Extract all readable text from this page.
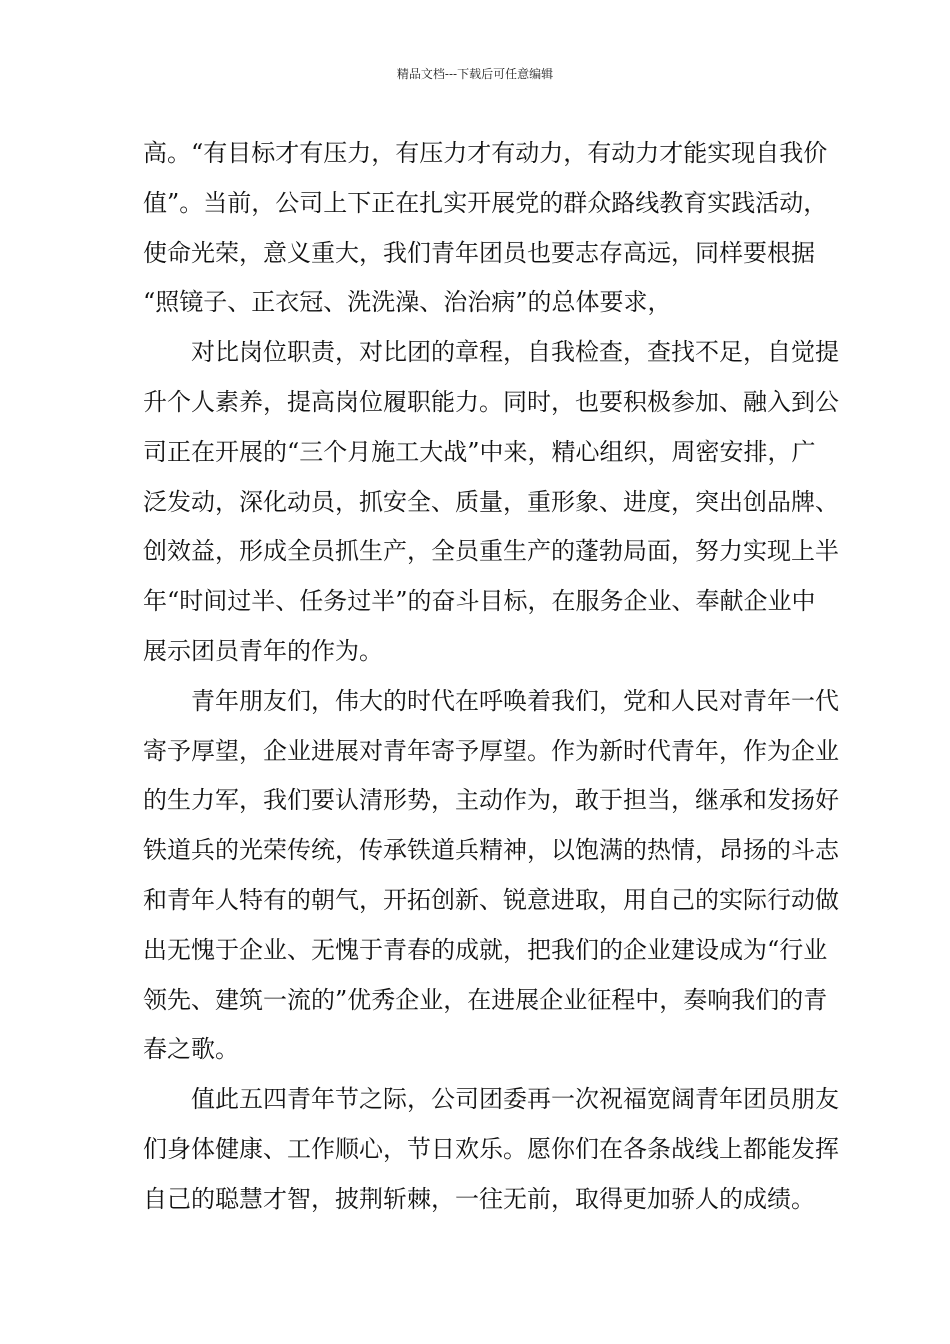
精品文档---下载后可任意编辑
高。“有目标才有压力，有压力才有动力，有动力才能实现自我价
值”。当前，公司上下正在扎实开展党的群众路线教育实践活动，
使命光荣，意义重大，我们青年团员也要志存高远，同样要根据
“照镜子、正衣冠、洗洗澡、治治病”的总体要求，
对比岗位职责，对比团的章程，自我检查，查找不足，自觉提
升个人素养，提高岗位履职能力。同时，也要积极参加、融入到公
司正在开展的“三个月施工大战”中来，精心组织，周密安排，广
泛发动，深化动员，抓安全、质量，重形象、进度，突出创品牌、
创效益，形成全员抓生产，全员重生产的蓬勃局面，努力实现上半
年“时间过半、任务过半”的奋斗目标，在服务企业、奉献企业中
展示团员青年的作为。
青年朋友们，伟大的时代在呼唤着我们，党和人民对青年一代
寄予厚望，企业进展对青年寄予厚望。作为新时代青年，作为企业
的生力军，我们要认清形势，主动作为，敢于担当，继承和发扬好
铁道兵的光荣传统，传承铁道兵精神，以饱满的热情，昂扬的斗志
和青年人特有的朝气，开拓创新、锐意进取，用自己的实际行动做
出无愧于企业、无愧于青春的成就，把我们的企业建设成为“行业
领先、建筑一流的”优秀企业，在进展企业征程中，奏响我们的青
春之歌。
值此五四青年节之际，公司团委再一次祝福宽阔青年团员朋友
们身体健康、工作顺心，节日欢乐。愿你们在各条战线上都能发挥
自己的聪慧才智，披荆斩棘，一往无前，取得更加骄人的成绩。
